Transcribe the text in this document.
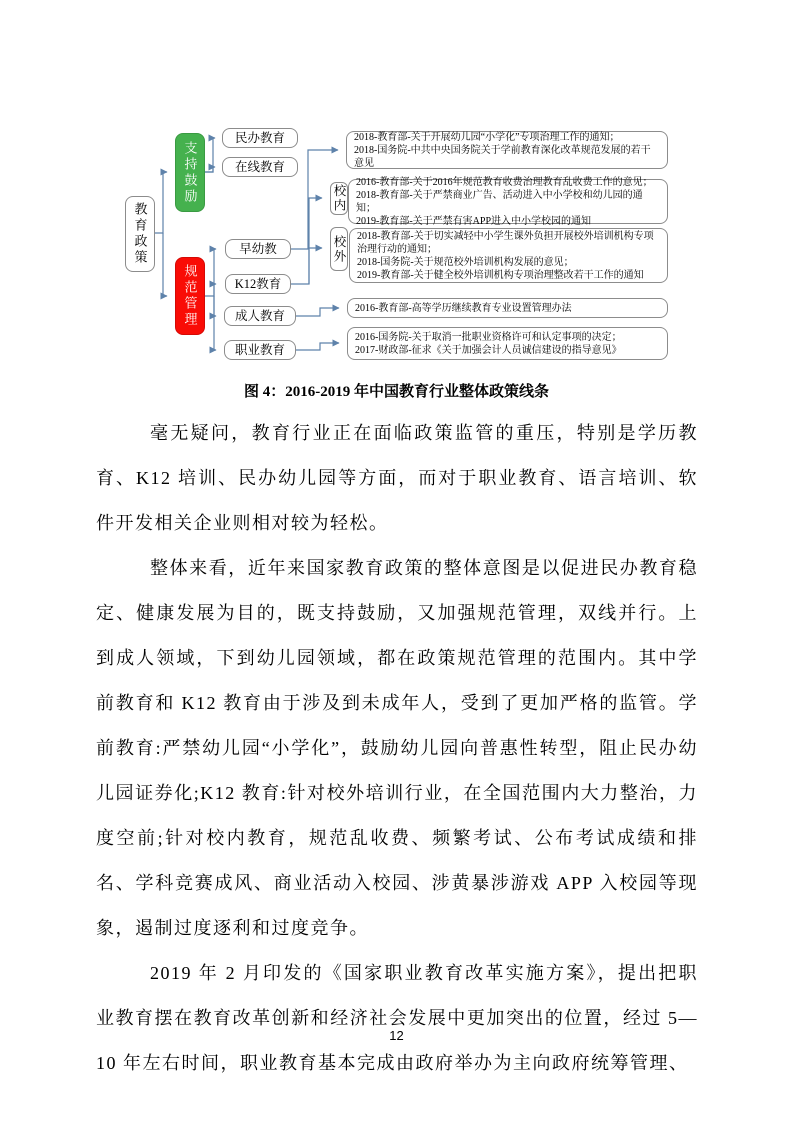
教育政策
支持鼓励
规范管理
民办教育
在线教育
早幼教
K12教育
成人教育
职业教育
校内
校外
2018-教育部-关于开展幼儿园“小学化”专项治理工作的通知；
2018-国务院-中共中央国务院关于学前教育深化改革规范发展的若干意见
2016-教育部-关于2016年规范教育收费治理教育乱收费工作的意见；
2018-教育部-关于严禁商业广告、活动进入中小学校和幼儿园的通知；
2019-教育部-关于严禁有害APP进入中小学校园的通知
2018-教育部-关于切实减轻中小学生课外负担开展校外培训机构专项治理行动的通知；
2018-国务院-关于规范校外培训机构发展的意见；
2019-教育部-关于健全校外培训机构专项治理整改若干工作的通知
2016-教育部-高等学历继续教育专业设置管理办法
2016-国务院-关于取消一批职业资格许可和认定事项的决定；
2017-财政部-征求《关于加强会计人员诚信建设的指导意见》
图 4：2016-2019 年中国教育行业整体政策线条

毫无疑问，教育行业正在面临政策监管的重压，特别是学历教育、K12 培训、民办幼儿园等方面，而对于职业教育、语言培训、软件开发相关企业则相对较为轻松。

整体来看，近年来国家教育政策的整体意图是以促进民办教育稳定、健康发展为目的，既支持鼓励，又加强规范管理，双线并行。上到成人领域，下到幼儿园领域，都在政策规范管理的范围内。其中学前教育和 K12 教育由于涉及到未成年人，受到了更加严格的监管。学前教育:严禁幼儿园“小学化”，鼓励幼儿园向普惠性转型，阻止民办幼儿园证券化;K12 教育:针对校外培训行业，在全国范围内大力整治，力度空前;针对校内教育，规范乱收费、频繁考试、公布考试成绩和排名、学科竞赛成风、商业活动入校园、涉黄暴涉游戏 APP 入校园等现象，遏制过度逐利和过度竞争。

2019 年 2 月印发的《国家职业教育改革实施方案》，提出把职业教育摆在教育改革创新和经济社会发展中更加突出的位置，经过 5—10 年左右时间，职业教育基本完成由政府举办为主向政府统筹管理、

12
